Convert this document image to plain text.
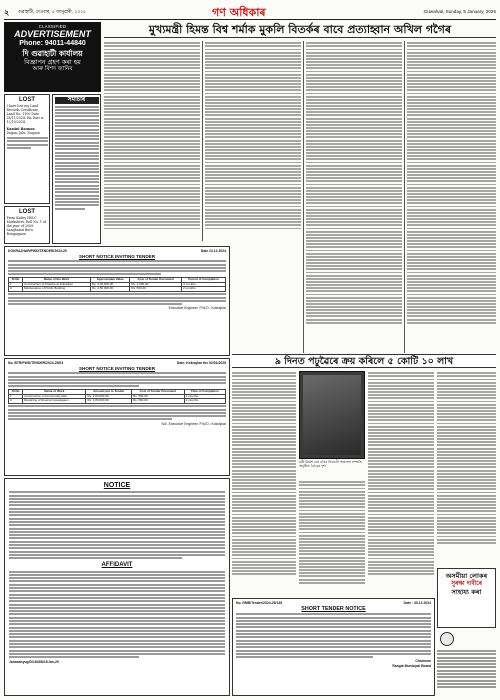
২ গুৱাহাটী, দেওবাৰ, ৫ জানুৱাৰী, ২০২৫	গণ অধিকাৰ	Guwahati, Sunday, 5 January, 2025
CLASSIFIED
ADVERTISEMENT
Phone: 94011-44840
দি গুৱাহাটী কাৰ্যালয়
বিজ্ঞাপন গ্ৰহণ কৰা হয়
আৰু বিশদ জানিব
LOST
I have lost my Land Records Certificate, Land No. 1100 Date 28/11/2024. Ha Dutt is 12/10/2024.
Kamini Barman
Dagan, Jalu, Nagaon
সমাচাৰ
LOST
From Kailey HSLC Marksheet, Roll No. 1 of the year of 2009. Sanghamit Boro, Bongaigaon.
মুখ্যমন্ত্ৰী হিমন্ত বিশ্ব শৰ্মাক মুকলি বিতৰ্কৰ বাবে প্ৰত্যাহ্বান অখিল গগৈৰ
KOKRAJHAR/PWD/TENDER/2024-25	Date 13.12.2024
SHORT NOTICE INVITING TENDER
Sl No	Name of the Work	Approximate Value	Cost of Tender Document	Period of Completion
1	Construction of Pipeline at Kokrajhar	Rs. 4,00,000.00	Rs. 1,000.00	3 months
2	Maintenance of Public Building	Rs. 2,50,000.00	Rs. 500.00	2 months
Executive Engineer, P.W.D., Kokrajhar
No. BTR/PWD/TENDER/2024-25/03	Date: Kokrajhar the 02/01/2025
SHORT NOTICE INVITING TENDER
Sl No	Name of Work	Amount put to Tender	Cost of Tender Document	Time of Completion
1	Construction of Community Hall	Rs. 2,00,000.00	Rs. 500.00	3 months
2	Repairing of Road at Gossaigaon	Rs. 1,80,000.00	Rs. 500.00	2 months
Sd/- Executive Engineer, P.W.D., Kokrajhar
৯ দিনত পঢ়ুৱৈৰে ক্ৰয় কৰিলে ৫ কোটি ১০ লাখ
মন্ত্ৰী উমেশ চন্দ্ৰ নাথৰ নিবাচনী অঞ্চলত সম্প্ৰতি অনুষ্ঠিত বৈঠকৰ দৃশ্য
অসমীয়া লোকৰ
সুৰক্ষা দাবীৰে
সাহায্য কৰা
NOTICE
AFFIDAVIT
Janasanyog/D/18435/24/Jan-25
No. RMB/Tender/2024-25/145	Date : 30.12.2024
SHORT TENDER NOTICE
Chairman
Rangia Municipal Board
